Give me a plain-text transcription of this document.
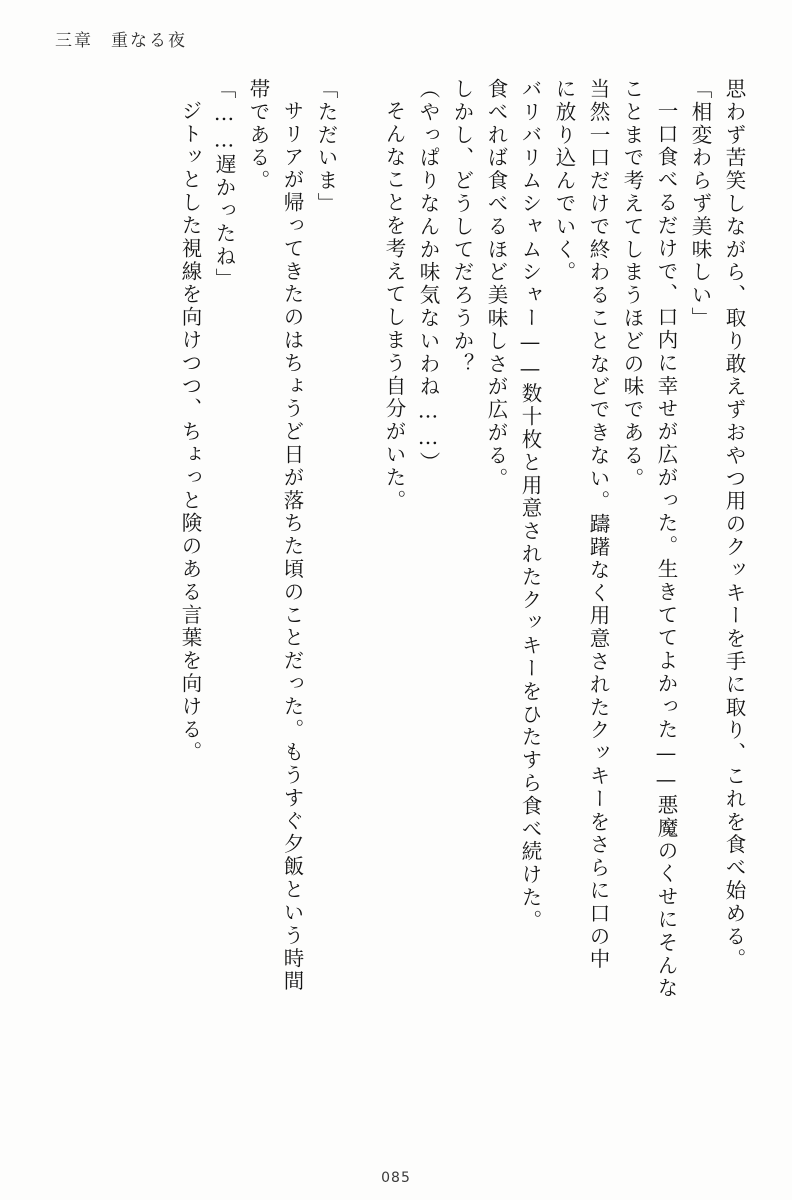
三章 重なる夜
思わず苦笑しながら、取り敢えずおやつ用のクッキーを手に取り、これを食べ始める。
「相変わらず美味しい」
一口食べるだけで、口内に幸せが広がった。生きててよかった——悪魔のくせにそんな
ことまで考えてしまうほどの味である。
当然一口だけで終わることなどできない。躊躇なく用意されたクッキーをさらに口の中
に放り込んでいく。
バリバリムシャムシャー——数十枚と用意されたクッキーをひたすら食べ続けた。
食べれば食べるほど美味しさが広がる。
しかし、どうしてだろうか？
（やっぱりなんか味気ないわね……）
そんなことを考えてしまう自分がいた。
「ただいま」
サリアが帰ってきたのはちょうど日が落ちた頃のことだった。もうすぐ夕飯という時間
帯である。
「……遅かったね」
ジトッとした視線を向けつつ、ちょっと険のある言葉を向ける。
085
